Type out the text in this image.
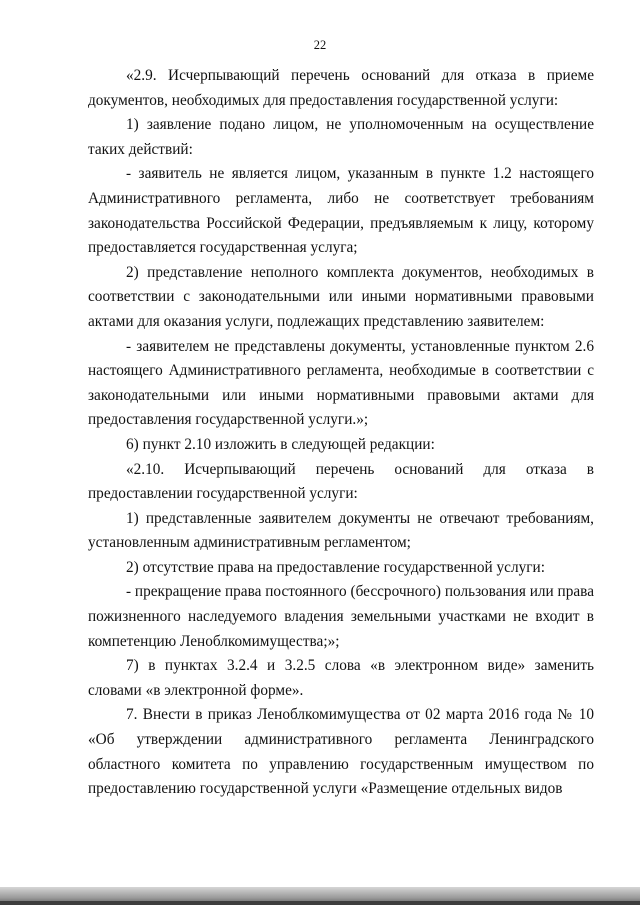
22

«2.9. Исчерпывающий перечень оснований для отказа в приеме документов, необходимых для предоставления государственной услуги:

1) заявление подано лицом, не уполномоченным на осуществление таких действий:

- заявитель не является лицом, указанным в пункте 1.2 настоящего Административного регламента, либо не соответствует требованиям законодательства Российской Федерации, предъявляемым к лицу, которому предоставляется государственная услуга;

2) представление неполного комплекта документов, необходимых в соответствии с законодательными или иными нормативными правовыми актами для оказания услуги, подлежащих представлению заявителем:

- заявителем не представлены документы, установленные пунктом 2.6 настоящего Административного регламента, необходимые в соответствии с законодательными или иными нормативными правовыми актами для предоставления государственной услуги.»;

6) пункт 2.10 изложить в следующей редакции:

«2.10. Исчерпывающий перечень оснований для отказа в предоставлении государственной услуги:

1) представленные заявителем документы не отвечают требованиям, установленным административным регламентом;

2) отсутствие права на предоставление государственной услуги:

- прекращение права постоянного (бессрочного) пользования или права пожизненного наследуемого владения земельными участками не входит в компетенцию Леноблкомимущества;»;

7) в пунктах 3.2.4 и 3.2.5 слова «в электронном виде» заменить словами «в электронной форме».

7. Внести в приказ Леноблкомимущества от 02 марта 2016 года № 10 «Об утверждении административного регламента Ленинградского областного комитета по управлению государственным имуществом по предоставлению государственной услуги «Размещение отдельных видов
